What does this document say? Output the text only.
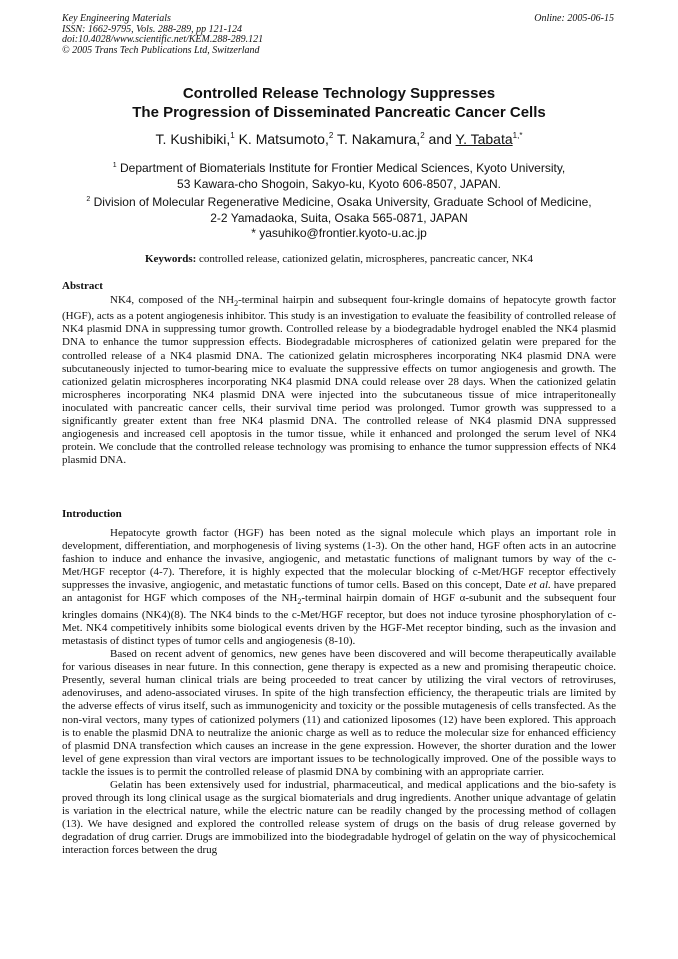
Key Engineering Materials
ISSN: 1662-9795, Vols. 288-289, pp 121-124
doi:10.4028/www.scientific.net/KEM.288-289.121
© 2005 Trans Tech Publications Ltd, Switzerland
Online: 2005-06-15
Controlled Release Technology Suppresses
The Progression of Disseminated Pancreatic Cancer Cells
T. Kushibiki,$^1$ K. Matsumoto,$^2$ T. Nakamura,$^2$ and Y. Tabata$^{1,*}$
$^1$ Department of Biomaterials Institute for Frontier Medical Sciences, Kyoto University,
53 Kawara-cho Shogoin, Sakyo-ku, Kyoto 606-8507, JAPAN.
$^2$ Division of Molecular Regenerative Medicine, Osaka University, Graduate School of Medicine,
2-2 Yamadaoka, Suita, Osaka 565-0871, JAPAN
* yasuhiko@frontier.kyoto-u.ac.jp
Keywords: controlled release, cationized gelatin, microspheres, pancreatic cancer, NK4
Abstract

NK4, composed of the $NH_2$-terminal hairpin and subsequent four-kringle domains of hepatocyte growth factor (HGF), acts as a potent angiogenesis inhibitor. This study is an investigation to evaluate the feasibility of controlled release of NK4 plasmid DNA in suppressing tumor growth. Controlled release by a biodegradable hydrogel enabled the NK4 plasmid DNA to enhance the tumor suppression effects. Biodegradable microspheres of cationized gelatin were prepared for the controlled release of a NK4 plasmid DNA. The cationized gelatin microspheres incorporating NK4 plasmid DNA were subcutaneously injected to tumor-bearing mice to evaluate the suppressive effects on tumor angiogenesis and growth. The cationized gelatin microspheres incorporating NK4 plasmid DNA could release over 28 days. When the cationized gelatin microspheres incorporating NK4 plasmid DNA were injected into the subcutaneous tissue of mice intraperitoneally inoculated with pancreatic cancer cells, their survival time period was prolonged. Tumor growth was suppressed to a significantly greater extent than free NK4 plasmid DNA. The controlled release of NK4 plasmid DNA suppressed angiogenesis and increased cell apoptosis in the tumor tissue, while it enhanced and prolonged the serum level of NK4 protein. We conclude that the controlled release technology was promising to enhance the tumor suppression effects of NK4 plasmid DNA.

Introduction

Hepatocyte growth factor (HGF) has been noted as the signal molecule which plays an important role in development, differentiation, and morphogenesis of living systems (1-3). On the other hand, HGF often acts in an autocrine fashion to induce and enhance the invasive, angiogenic, and metastatic functions of malignant tumors by way of the c-Met/HGF receptor (4-7). Therefore, it is highly expected that the molecular blocking of c-Met/HGF receptor effectively suppresses the invasive, angiogenic, and metastatic functions of tumor cells. Based on this concept, Date et al. have prepared an antagonist for HGF which composes of the $NH_2$-terminal hairpin domain of HGF α-subunit and the subsequent four kringles domains (NK4)(8). The NK4 binds to the c-Met/HGF receptor, but does not induce tyrosine phosphorylation of c-Met. NK4 competitively inhibits some biological events driven by the HGF-Met receptor binding, such as the invasion and metastasis of distinct types of tumor cells and angiogenesis (8-10).

Based on recent advent of genomics, new genes have been discovered and will become therapeutically available for various diseases in near future. In this connection, gene therapy is expected as a new and promising therapeutic choice. Presently, several human clinical trials are being proceeded to treat cancer by utilizing the viral vectors of retroviruses, adenoviruses, and adeno-associated viruses. In spite of the high transfection efficiency, the therapeutic trials are limited by the adverse effects of virus itself, such as immunogenicity and toxicity or the possible mutagenesis of cells transfected. As the non-viral vectors, many types of cationized polymers (11) and cationized liposomes (12) have been explored. This approach is to enable the plasmid DNA to neutralize the anionic charge as well as to reduce the molecular size for enhanced efficiency of plasmid DNA transfection which causes an increase in the gene expression. However, the shorter duration and the lower level of gene expression than viral vectors are important issues to be technologically improved. One of the possible ways to tackle the issues is to permit the controlled release of plasmid DNA by combining with an appropriate carrier.

Gelatin has been extensively used for industrial, pharmaceutical, and medical applications and the bio-safety is proved through its long clinical usage as the surgical biomaterials and drug ingredients. Another unique advantage of gelatin is variation in the electrical nature, while the electric nature can be readily changed by the processing method of collagen (13). We have designed and explored the controlled release system of drugs on the basis of drug release governed by degradation of drug carrier. Drugs are immobilized into the biodegradable hydrogel of gelatin on the way of physicochemical interaction forces between the drug
